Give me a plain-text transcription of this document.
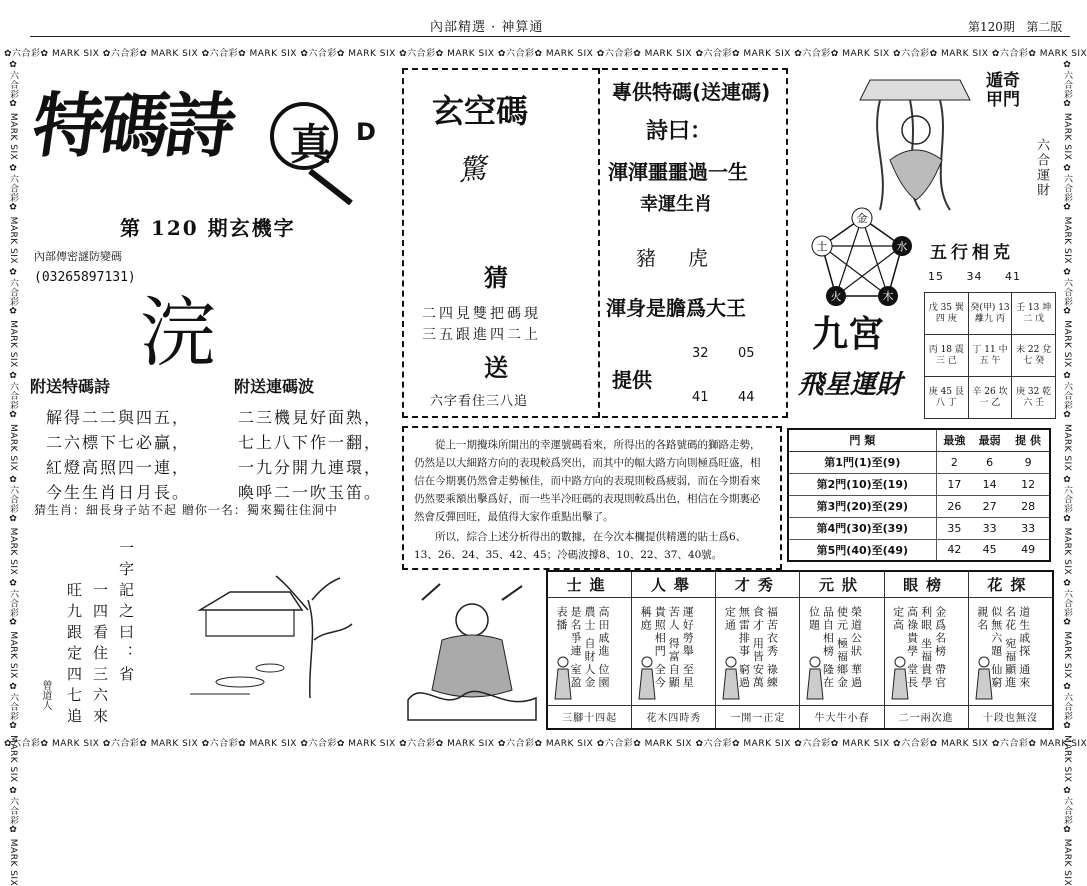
內部精選 · 神算通	第120期 第二版
✿六合彩✿ MARK SIX ✿六合彩✿ MARK SIX ✿六合彩✿ MARK SIX ✿六合彩✿ MARK SIX ✿六合彩✿ MARK SIX ✿六合彩✿ MARK SIX ✿六合彩✿ MARK SIX ✿六合彩✿ MARK SIX ✿六合彩✿ MARK SIX ✿六合彩✿ MARK SIX ✿六合彩✿ MARK SIX
✿六合彩✿ MARK SIX ✿六合彩✿ MARK SIX ✿六合彩✿ MARK SIX ✿六合彩✿ MARK SIX ✿六合彩✿ MARK SIX ✿六合彩✿ MARK SIX ✿六合彩✿ MARK SIX ✿六合彩✿ MARK SIX ✿六合彩✿ MARK SIX ✿六合彩✿ MARK SIX ✿六合彩✿ MARK SIX
✿六合彩✿ MARK SIX ✿六合彩✿ MARK SIX ✿六合彩✿ MARK SIX ✿六合彩✿ MARK SIX ✿六合彩✿ MARK SIX ✿六合彩✿ MARK SIX ✿六合彩✿ MARK SIX ✿六合彩✿ MARK SIX
✿六合彩✿ MARK SIX ✿六合彩✿ MARK SIX ✿六合彩✿ MARK SIX ✿六合彩✿ MARK SIX ✿六合彩✿ MARK SIX ✿六合彩✿ MARK SIX ✿六合彩✿ MARK SIX ✿六合彩✿ MARK SIX
特碼詩 真 D
第 120 期玄機字
內部傳密謎防變碼
(03265897131)
浣
附送特碼詩	附送連碼波
解得二二與四五，
二六標下七必贏，
紅燈高照四一連，
今生生肖日月長。
二三機見好面熟，
七上八下作一翻，
一九分開九連環，
喚呼二一吹玉笛。
猜生肖：細長身子站不起 贈你一名：獨來獨往住洞中
一字記之曰：省
一四看住三六來
旺九跟定四七追
曾道人
玄空碼
驚
猜
二四見雙把碼現
三五跟進四二上
送
六字看住三八追
專供特碼(送連碼)
詩曰：
渾渾噩噩過一生
幸運生肖
豬虎
渾身是膽爲大王
提供
32 05
41 44
遁奇甲門
六合運財
五行相克
15 34 41
金
水
木
火
土
九宮
飛星運財
戊 35 巽四 庚	癸(甲) 13 離九 丙	壬 13 坤二 戊
丙 18 震三 己	丁 11 中五 午	未 22 兌七 癸
庚 45 艮八 丁	辛 26 坎一 乙	庚 32 乾六 壬

從上一期攪珠所開出的幸運號碼看來，所得出的各路號碼的獅路走勢，仍然是以大細路方向的表現較爲突出，而其中的幅大路方向則極爲旺盛，相信在今期裏仍然會走勢極佳，而中路方向的表現則較爲疲弱，而在今期看來仍然要乘額出擊爲好，而一些半冷旺碼的表現則較爲出色，相信在今期裏必然會反彈回旺，最值得大家作重點出擊了。

所以，綜合上述分析得出的數據，在今次本欄提供精選的貼士爲6、13、26、24、35、42、45；冷碼波撐8、10、22、37、40號。

門 類	最強	最弱	提 供
第1門(1)至(9)	2	6	9
第2門(10)至(19)	17	14	12
第3門(20)至(29)	26	27	28
第4門(30)至(39)	35	33	33
第5門(40)至(49)	42	45	49
士進	人舉	才秀	元狀	眼榜	花探

高田戚進 位園農士 自財人金 是名爭連 室盈表播	運好勞舉 至星苦人 得富自顯 貴照相門 全今稱庭	福苦衣秀 祿練食才 用皆安萬 無雷排事 窮過定通	榮道公狀 華過使元 極福鄉金 品自相榜 隆在位題	金爲名榜 帶官利眼 坐福貴學 高祿貴學 堂長定高	道生戚探 通來名花 宛福顯進 似無六題 仙窮親名

三腳十四起	花木四時秀	一開一正定	牛大牛小春	二一兩次進	十段也無沒
